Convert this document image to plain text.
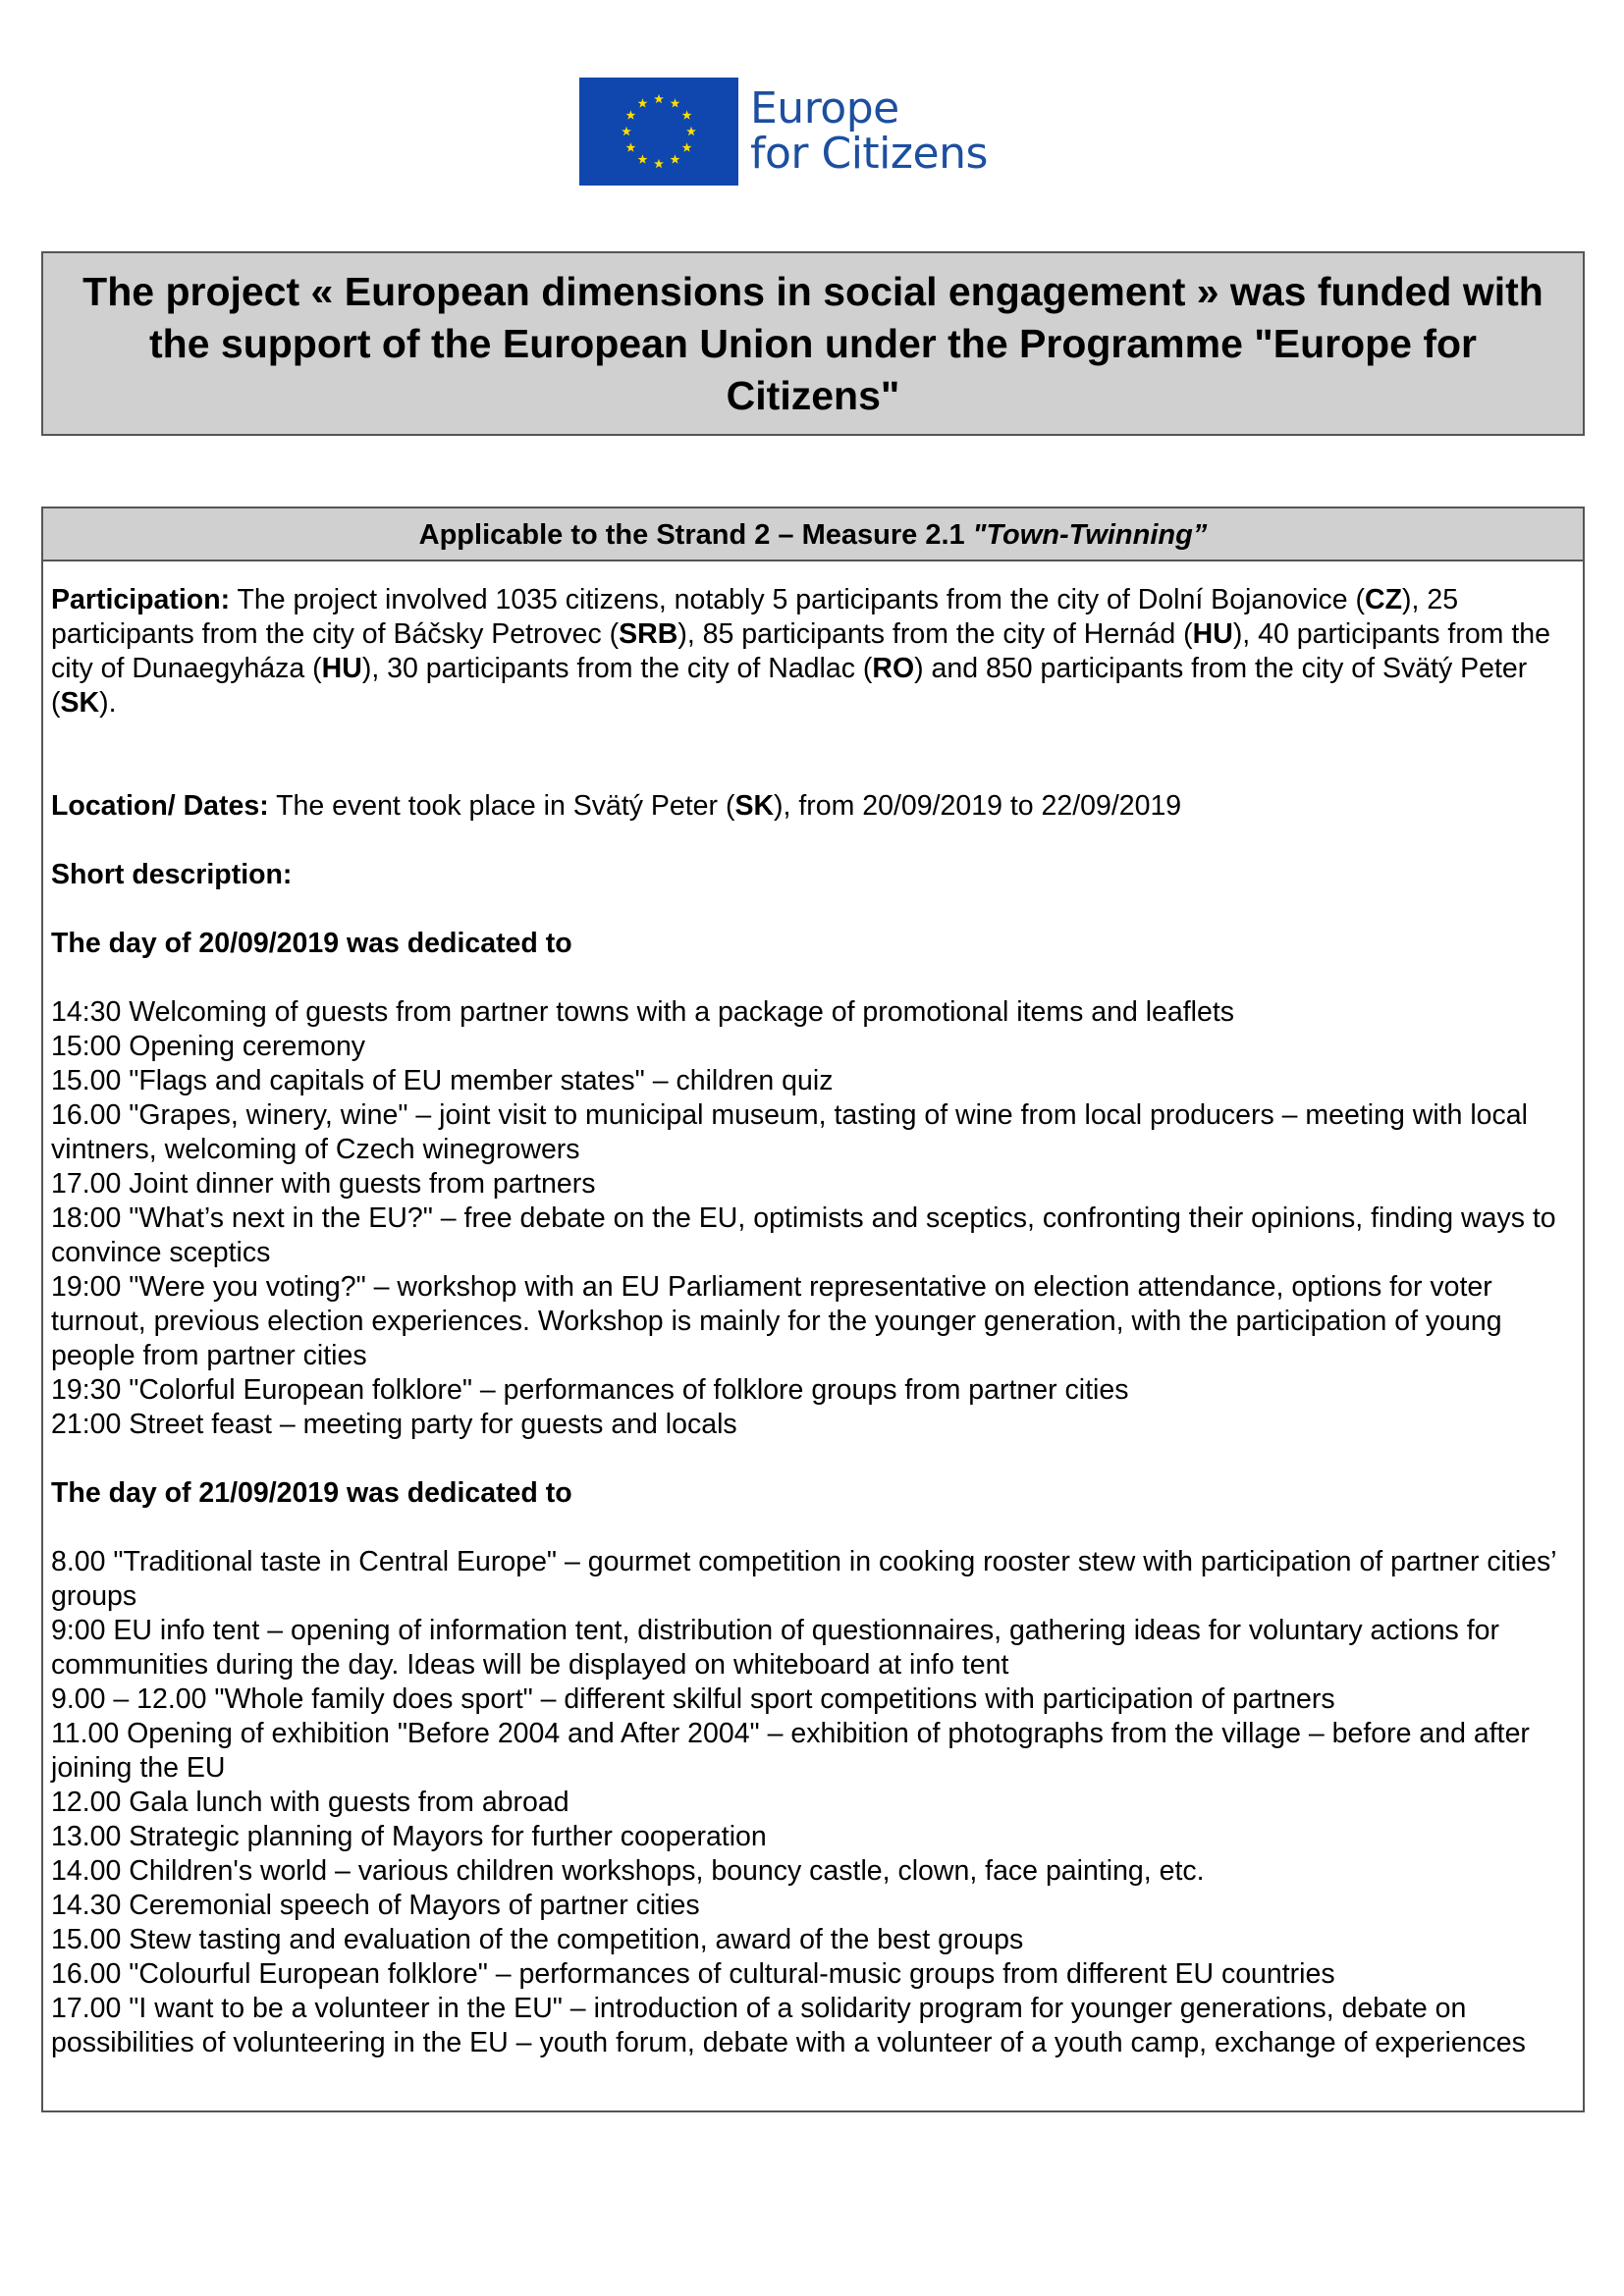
Europe
for Citizens
The project « European dimensions in social engagement » was funded with the support of the European Union under the Programme "Europe for Citizens"
Applicable to the Strand 2 – Measure 2.1 "Town-Twinning”

Participation: The project involved 1035 citizens, notably 5 participants from the city of Dolní Bojanovice (CZ), 25 participants from the city of Báčsky Petrovec (SRB), 85 participants from the city of Hernád (HU), 40 participants from the city of Dunaegyháza (HU), 30 participants from the city of Nadlac (RO) and 850 participants from the city of Svätý Peter (SK).

Location/ Dates: The event took place in Svätý Peter (SK), from 20/09/2019 to 22/09/2019

Short description:

The day of 20/09/2019 was dedicated to

14:30 Welcoming of guests from partner towns with a package of promotional items and leaflets
15:00 Opening ceremony
15.00 "Flags and capitals of EU member states" – children quiz
16.00 "Grapes, winery, wine" – joint visit to municipal museum, tasting of wine from local producers – meeting with local vintners, welcoming of Czech winegrowers
17.00 Joint dinner with guests from partners
18:00 "What’s next in the EU?" – free debate on the EU, optimists and sceptics, confronting their opinions, finding ways to convince sceptics
19:00 "Were you voting?" – workshop with an EU Parliament representative on election attendance, options for voter turnout, previous election experiences. Workshop is mainly for the younger generation, with the participation of young people from partner cities
19:30 "Colorful European folklore" – performances of folklore groups from partner cities
21:00 Street feast – meeting party for guests and locals

The day of 21/09/2019 was dedicated to

8.00 "Traditional taste in Central Europe" – gourmet competition in cooking rooster stew with participation of partner cities’ groups
9:00 EU info tent – opening of information tent, distribution of questionnaires, gathering ideas for voluntary actions for communities during the day. Ideas will be displayed on whiteboard at info tent
9.00 – 12.00 "Whole family does sport" – different skilful sport competitions with participation of partners
11.00 Opening of exhibition "Before 2004 and After 2004" – exhibition of photographs from the village – before and after joining the EU
12.00 Gala lunch with guests from abroad
13.00 Strategic planning of Mayors for further cooperation
14.00 Children's world – various children workshops, bouncy castle, clown, face painting, etc.
14.30 Ceremonial speech of Mayors of partner cities
15.00 Stew tasting and evaluation of the competition, award of the best groups
16.00 "Colourful European folklore" – performances of cultural-music groups from different EU countries
17.00 "I want to be a volunteer in the EU" – introduction of a solidarity program for younger generations, debate on possibilities of volunteering in the EU – youth forum, debate with a volunteer of a youth camp, exchange of experiences
